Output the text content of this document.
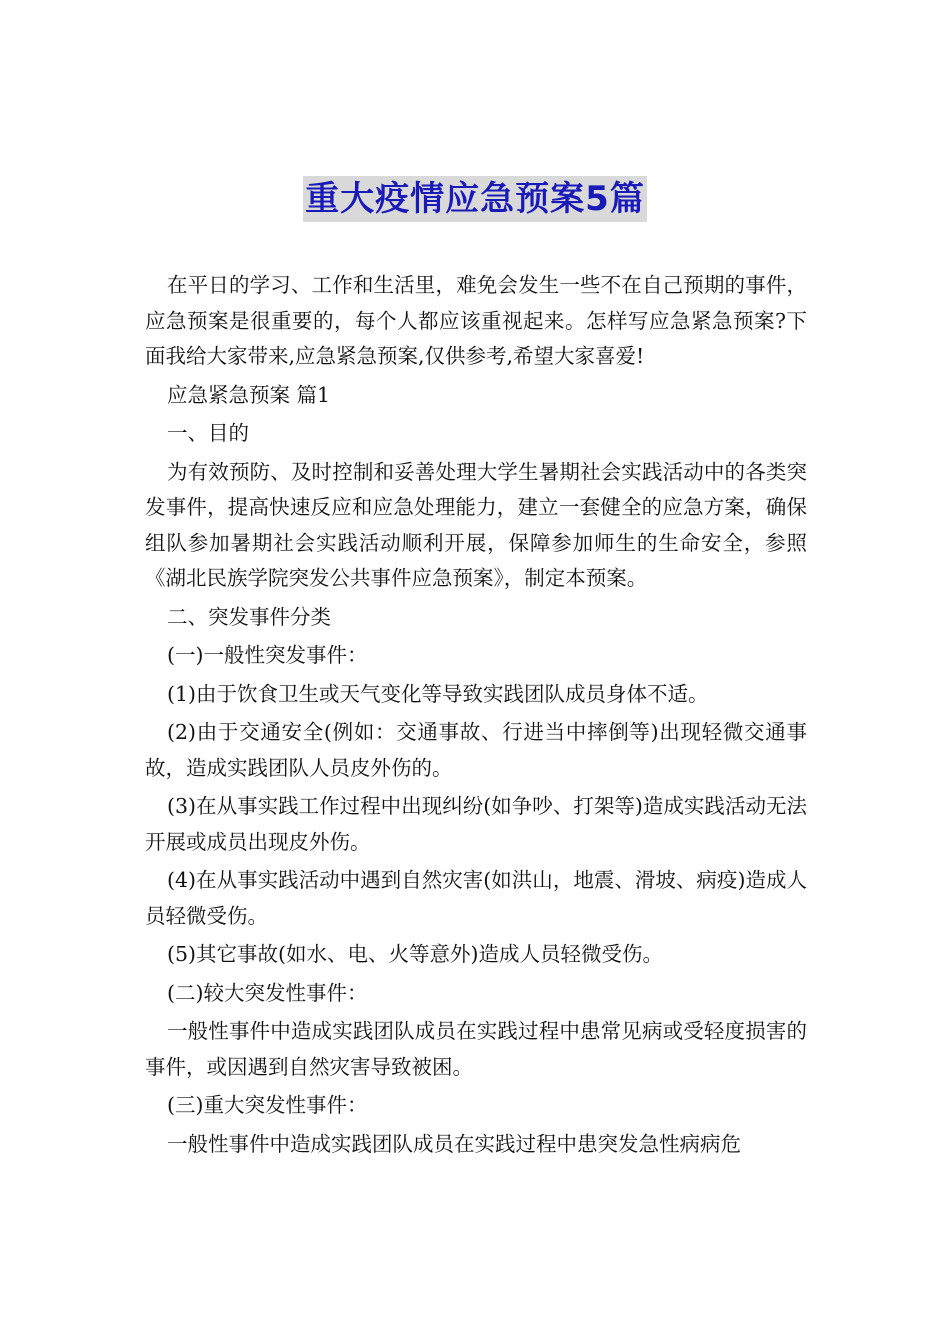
重大疫情应急预案5篇

在平日的学习、工作和生活里，难免会发生一些不在自己预期的事件，应急预案是很重要的，每个人都应该重视起来。怎样写应急紧急预案?下面我给大家带来,应急紧急预案,仅供参考,希望大家喜爱!

应急紧急预案 篇1

一、目的

为有效预防、及时控制和妥善处理大学生暑期社会实践活动中的各类突发事件，提高快速反应和应急处理能力，建立一套健全的应急方案，确保组队参加暑期社会实践活动顺利开展，保障参加师生的生命安全，参照《湖北民族学院突发公共事件应急预案》，制定本预案。

二、突发事件分类

(一)一般性突发事件：

(1)由于饮食卫生或天气变化等导致实践团队成员身体不适。

(2)由于交通安全(例如：交通事故、行进当中摔倒等)出现轻微交通事故，造成实践团队人员皮外伤的。

(3)在从事实践工作过程中出现纠纷(如争吵、打架等)造成实践活动无法开展或成员出现皮外伤。

(4)在从事实践活动中遇到自然灾害(如洪山，地震、滑坡、病疫)造成人员轻微受伤。

(5)其它事故(如水、电、火等意外)造成人员轻微受伤。

(二)较大突发性事件：

一般性事件中造成实践团队成员在实践过程中患常见病或受轻度损害的事件，或因遇到自然灾害导致被困。

(三)重大突发性事件：

一般性事件中造成实践团队成员在实践过程中患突发急性病病危
